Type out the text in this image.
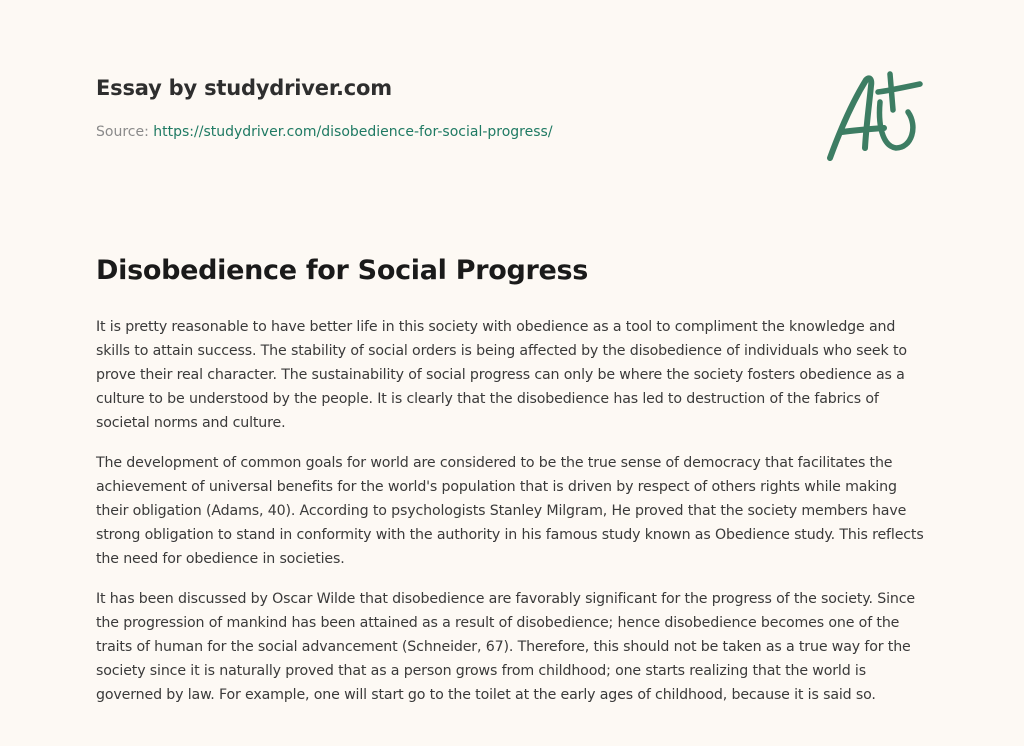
Essay by studydriver.com

Source: https://studydriver.com/disobedience-for-social-progress/

Disobedience for Social Progress

It is pretty reasonable to have better life in this society with obedience as a tool to compliment the knowledge and skills to attain success. The stability of social orders is being affected by the disobedience of individuals who seek to prove their real character. The sustainability of social progress can only be where the society fosters obedience as a culture to be understood by the people. It is clearly that the disobedience has led to destruction of the fabrics of societal norms and culture.

The development of common goals for world are considered to be the true sense of democracy that facilitates the achievement of universal benefits for the world's population that is driven by respect of others rights while making their obligation (Adams, 40). According to psychologists Stanley Milgram, He proved that the society members have strong obligation to stand in conformity with the authority in his famous study known as Obedience study. This reflects the need for obedience in societies.

It has been discussed by Oscar Wilde that disobedience are favorably significant for the progress of the society. Since the progression of mankind has been attained as a result of disobedience; hence disobedience becomes one of the traits of human for the social advancement (Schneider, 67). Therefore, this should not be taken as a true way for the society since it is naturally proved that as a person grows from childhood; one starts realizing that the world is governed by law. For example, one will start go to the toilet at the early ages of childhood, because it is said so.
